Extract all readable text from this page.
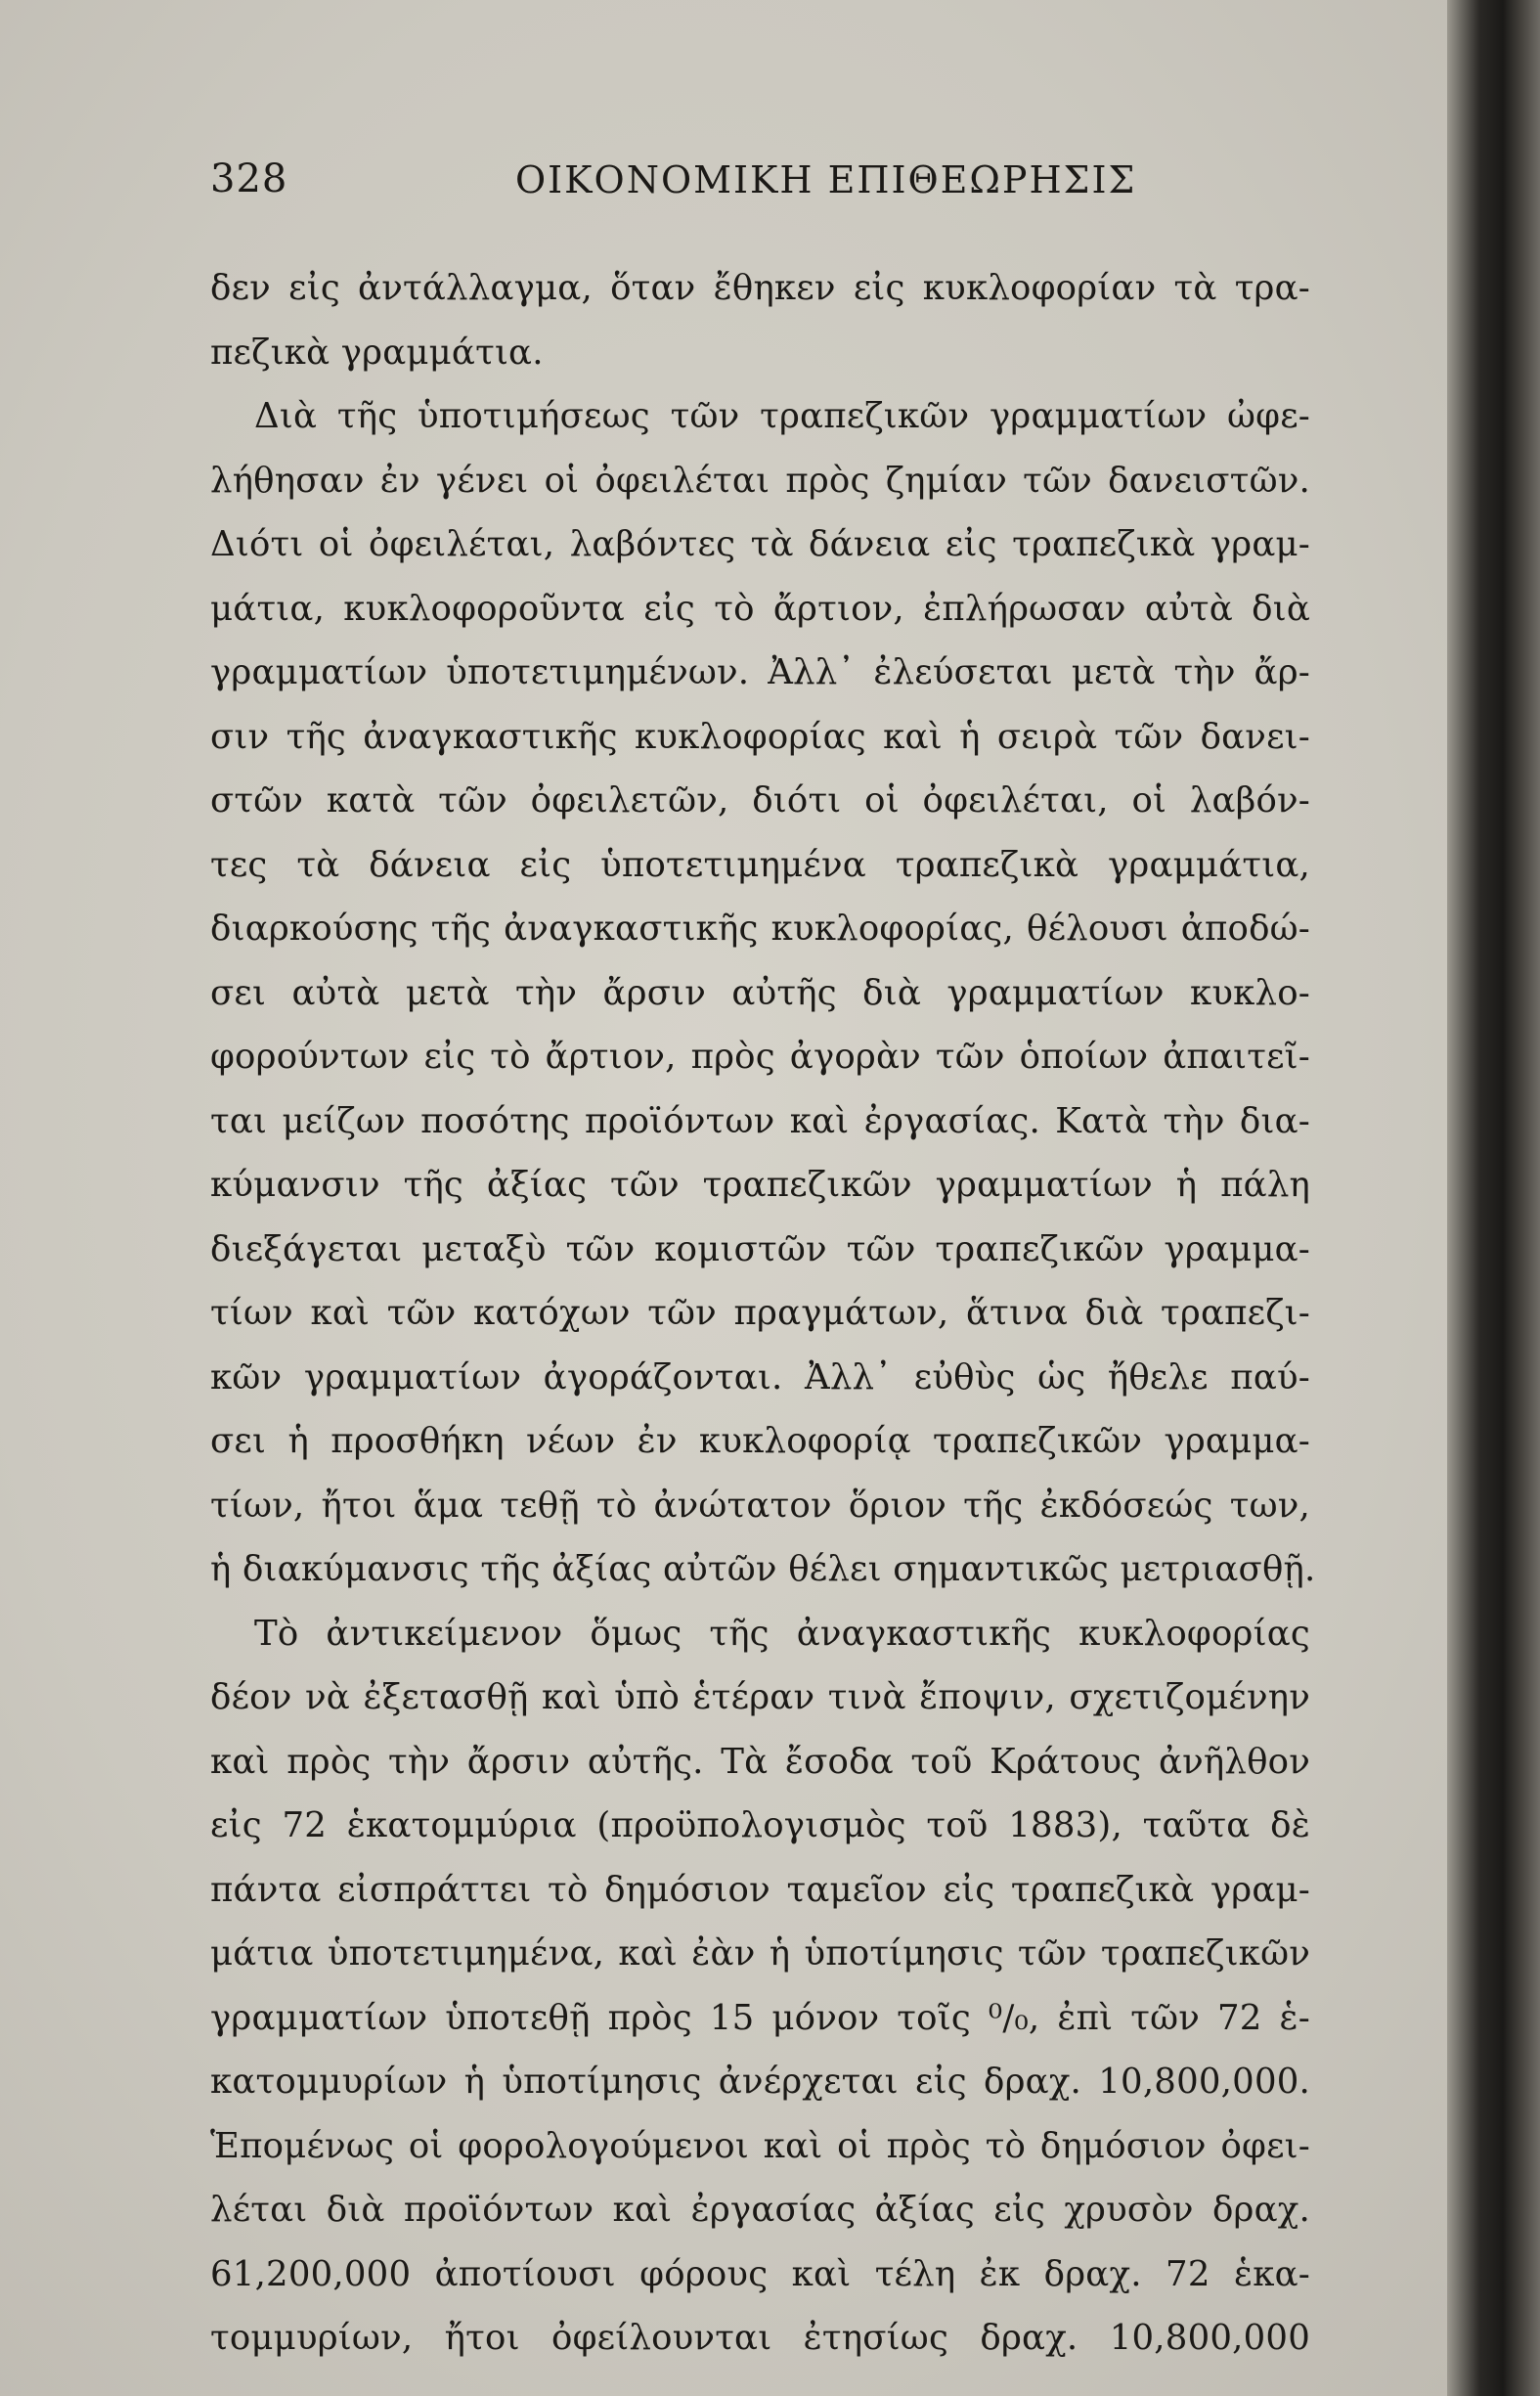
328	ΟΙΚΟΝΟΜΙΚΗ ΕΠΙΘΕΩΡΗΣΙΣ
δεν εἰς ἀντάλλαγμα, ὅταν ἔθηκεν εἰς κυκλοφορίαν τὰ τρα-
πεζικὰ γραμμάτια.
Διὰ τῆς ὑποτιμήσεως τῶν τραπεζικῶν γραμματίων ὠφε-
λήθησαν ἐν γένει οἱ ὀφειλέται πρὸς ζημίαν τῶν δανειστῶν.
Διότι οἱ ὀφειλέται, λαβόντες τὰ δάνεια εἰς τραπεζικὰ γραμ-
μάτια, κυκλοφοροῦντα εἰς τὸ ἄρτιον, ἐπλήρωσαν αὐτὰ διὰ
γραμματίων ὑποτετιμημένων. Ἀλλ᾽ ἐλεύσεται μετὰ τὴν ἄρ-
σιν τῆς ἀναγκαστικῆς κυκλοφορίας καὶ ἡ σειρὰ τῶν δανει-
στῶν κατὰ τῶν ὀφειλετῶν, διότι οἱ ὀφειλέται, οἱ λαβόν-
τες τὰ δάνεια εἰς ὑποτετιμημένα τραπεζικὰ γραμμάτια,
διαρκούσης τῆς ἀναγκαστικῆς κυκλοφορίας, θέλουσι ἀποδώ-
σει αὐτὰ μετὰ τὴν ἄρσιν αὐτῆς διὰ γραμματίων κυκλο-
φορούντων εἰς τὸ ἄρτιον, πρὸς ἀγορὰν τῶν ὁποίων ἀπαιτεῖ-
ται μείζων ποσότης προϊόντων καὶ ἐργασίας. Κατὰ τὴν δια-
κύμανσιν τῆς ἀξίας τῶν τραπεζικῶν γραμματίων ἡ πάλη
διεξάγεται μεταξὺ τῶν κομιστῶν τῶν τραπεζικῶν γραμμα-
τίων καὶ τῶν κατόχων τῶν πραγμάτων, ἅτινα διὰ τραπεζι-
κῶν γραμματίων ἀγοράζονται. Ἀλλ᾽ εὐθὺς ὡς ἤθελε παύ-
σει ἡ προσθήκη νέων ἐν κυκλοφορίᾳ τραπεζικῶν γραμμα-
τίων, ἤτοι ἅμα τεθῇ τὸ ἀνώτατον ὅριον τῆς ἐκδόσεώς των,
ἡ διακύμανσις τῆς ἀξίας αὐτῶν θέλει σημαντικῶς μετριασθῇ.
Τὸ ἀντικείμενον ὅμως τῆς ἀναγκαστικῆς κυκλοφορίας
δέον νὰ ἐξετασθῇ καὶ ὑπὸ ἑτέραν τινὰ ἔποψιν, σχετιζομένην
καὶ πρὸς τὴν ἄρσιν αὐτῆς. Τὰ ἔσοδα τοῦ Κράτους ἀνῆλθον
εἰς 72 ἑκατομμύρια (προϋπολογισμὸς τοῦ 1883), ταῦτα δὲ
πάντα εἰσπράττει τὸ δημόσιον ταμεῖον εἰς τραπεζικὰ γραμ-
μάτια ὑποτετιμημένα, καὶ ἐὰν ἡ ὑποτίμησις τῶν τραπεζικῶν
γραμματίων ὑποτεθῇ πρὸς 15 μόνον τοῖς ⁰/₀, ἐπὶ τῶν 72 ἑ-
κατομμυρίων ἡ ὑποτίμησις ἀνέρχεται εἰς δραχ. 10,800,000.
Ἑπομένως οἱ φορολογούμενοι καὶ οἱ πρὸς τὸ δημόσιον ὀφει-
λέται διὰ προϊόντων καὶ ἐργασίας ἀξίας εἰς χρυσὸν δραχ.
61,200,000 ἀποτίουσι φόρους καὶ τέλη ἐκ δραχ. 72 ἑκα-
τομμυρίων, ἤτοι ὀφείλουνται ἐτησίως δραχ. 10,800,000
